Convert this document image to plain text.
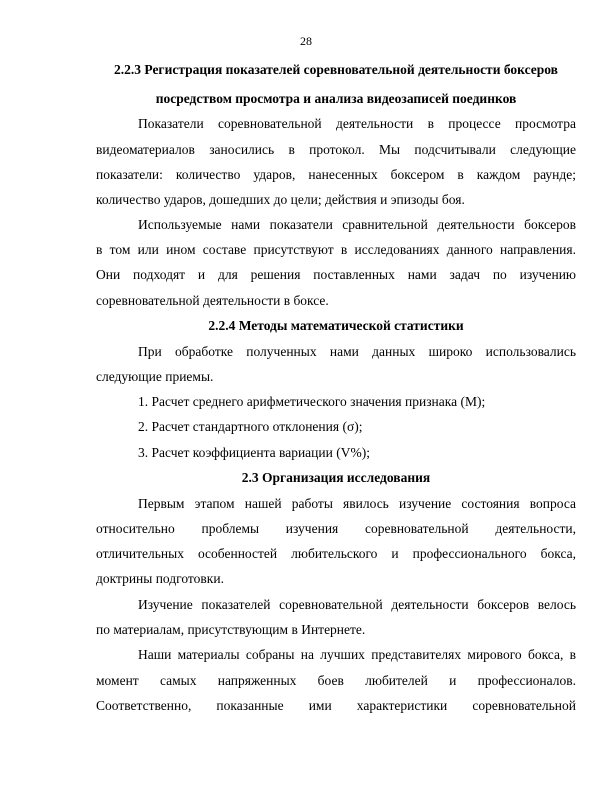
28
2.2.3 Регистрация показателей соревновательной деятельности боксеров
посредством просмотра и анализа видеозаписей поединков
Показатели соревновательной деятельности в процессе просмотра
видеоматериалов заносились в протокол. Мы подсчитывали следующие
показатели: количество ударов, нанесенных боксером в каждом раунде;
количество ударов, дошедших до цели; действия и эпизоды боя.
Используемые нами показатели сравнительной деятельности боксеров
в том или ином составе присутствуют в исследованиях данного направления.
Они подходят и для решения поставленных нами задач по изучению
соревновательной деятельности в боксе.
2.2.4 Методы математической статистики
При обработке полученных нами данных широко использовались
следующие приемы.
1. Расчет среднего арифметического значения признака (М);
2. Расчет стандартного отклонения (σ);
3. Расчет коэффициента вариации (V%);
2.3 Организация исследования
Первым этапом нашей работы явилось изучение состояния вопроса
относительно проблемы изучения соревновательной деятельности,
отличительных особенностей любительского и профессионального бокса,
доктрины подготовки.
Изучение показателей соревновательной деятельности боксеров велось
по материалам, присутствующим в Интернете.
Наши материалы собраны на лучших представителях мирового бокса, в
момент самых напряженных боев любителей и профессионалов.
Соответственно, показанные ими характеристики соревновательной
